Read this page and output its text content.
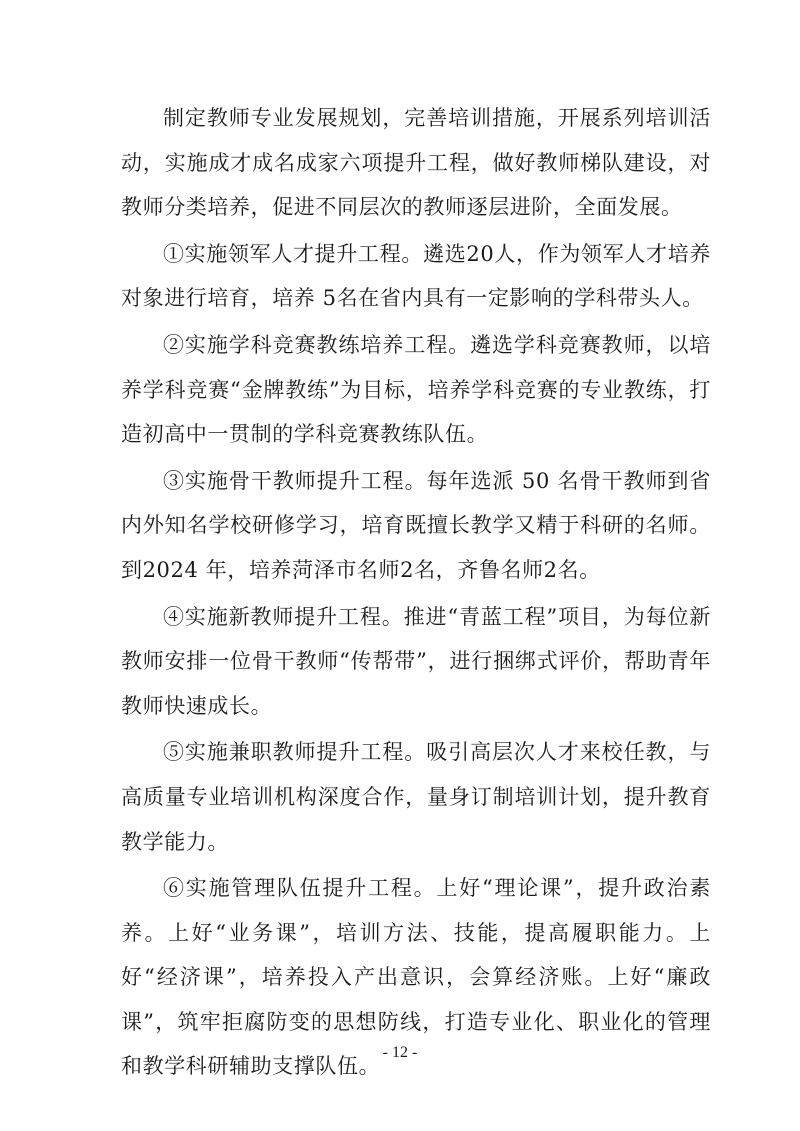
制定教师专业发展规划，完善培训措施，开展系列培训活动，实施成才成名成家六项提升工程，做好教师梯队建设，对教师分类培养，促进不同层次的教师逐层进阶，全面发展。

①实施领军人才提升工程。遴选20人，作为领军人才培养对象进行培育，培养 5名在省内具有一定影响的学科带头人。

②实施学科竞赛教练培养工程。遴选学科竞赛教师，以培养学科竞赛“金牌教练”为目标，培养学科竞赛的专业教练，打造初高中一贯制的学科竞赛教练队伍。

③实施骨干教师提升工程。每年选派 50 名骨干教师到省内外知名学校研修学习，培育既擅长教学又精于科研的名师。到2024 年，培养菏泽市名师2名，齐鲁名师2名。

④实施新教师提升工程。推进“青蓝工程”项目，为每位新教师安排一位骨干教师“传帮带”，进行捆绑式评价，帮助青年教师快速成长。

⑤实施兼职教师提升工程。吸引高层次人才来校任教，与高质量专业培训机构深度合作，量身订制培训计划，提升教育教学能力。

⑥实施管理队伍提升工程。上好“理论课”，提升政治素养。上好“业务课”，培训方法、技能，提高履职能力。上好“经济课”，培养投入产出意识，会算经济账。上好“廉政课”，筑牢拒腐防变的思想防线，打造专业化、职业化的管理和教学科研辅助支撑队伍。

- 12 -
